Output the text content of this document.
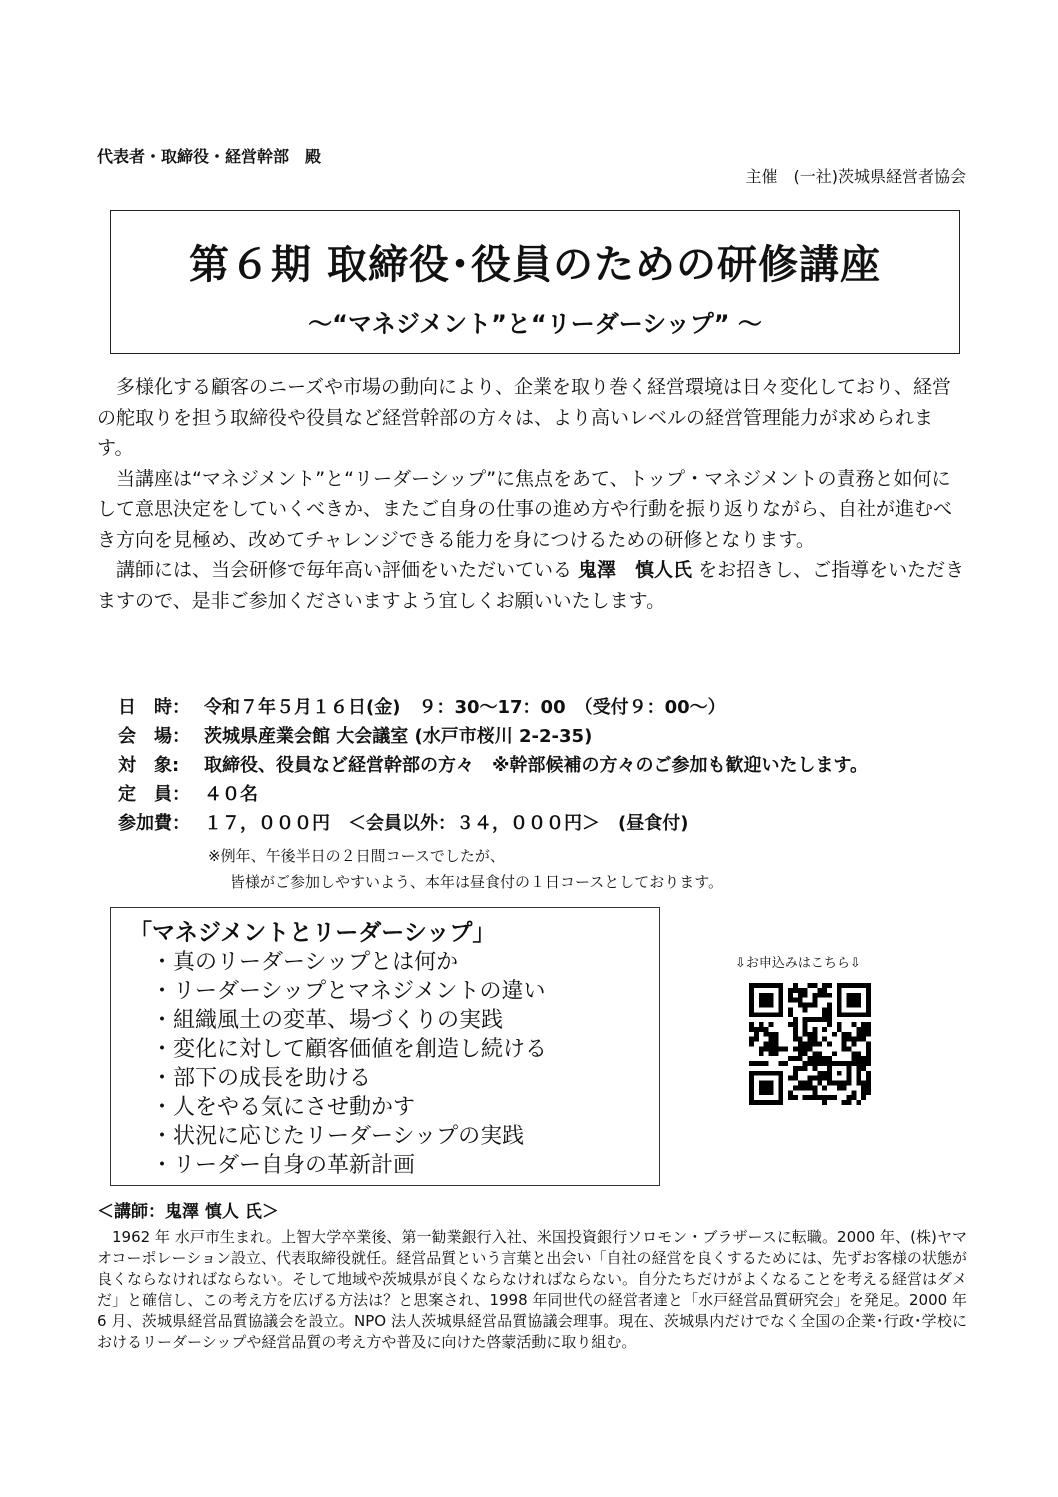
代表者・取締役・経営幹部　殿
主催　(一社)茨城県経営者協会
第６期 取締役･役員のための研修講座
～“マネジメント”と“リーダーシップ” ～

多様化する顧客のニーズや市場の動向により、企業を取り巻く経営環境は日々変化しており、経営の舵取りを担う取締役や役員など経営幹部の方々は、より高いレベルの経営管理能力が求められます。

当講座は“マネジメント”と“リーダーシップ”に焦点をあて、トップ・マネジメントの責務と如何にして意思決定をしていくべきか、またご自身の仕事の進め方や行動を振り返りながら、自社が進むべき方向を見極め、改めてチャレンジできる能力を身につけるための研修となります。

講師には、当会研修で毎年高い評価をいただいている 鬼澤　慎人氏 をお招きし、ご指導をいただきますので、是非ご参加くださいますよう宜しくお願いいたします。

日　時： 令和７年５月１６日(金)　９：30～17：00　（受付９：00～）
会　場： 茨城県産業会館 大会議室 (水戸市桜川 2-2-35)
対　象: 取締役、役員など経営幹部の方々　※幹部候補の方々のご参加も歓迎いたします。
定　員： ４０名
参加費： １７，０００円　＜会員以外：３４，０００円＞　(昼食付)
※例年、午後半日の２日間コースでしたが、
皆様がご参加しやすいよう、本年は昼食付の１日コースとしております。
「マネジメントとリーダーシップ」
・真のリーダーシップとは何か
・リーダーシップとマネジメントの違い
・組織風土の変革、場づくりの実践
・変化に対して顧客価値を創造し続ける
・部下の成長を助ける
・人をやる気にさせ動かす
・状況に応じたリーダーシップの実践
・リーダー自身の革新計画
⇩お申込みはこちら⇩
＜講師：鬼澤 慎人 氏＞

1962 年 水戸市生まれ。上智大学卒業後、第一勧業銀行入社、米国投資銀行ソロモン・ブラザースに転職。2000 年、(株)ヤマオコーポレーション設立、代表取締役就任。経営品質という言葉と出会い「自社の経営を良くするためには、先ずお客様の状態が良くならなければならない。そして地域や茨城県が良くならなければならない。自分たちだけがよくなることを考える経営はダメだ」と確信し、この考え方を広げる方法は？と思案され、1998 年同世代の経営者達と「水戸経営品質研究会」を発足。2000 年 6 月、茨城県経営品質協議会を設立。NPO 法人茨城県経営品質協議会理事。現在、茨城県内だけでなく全国の企業･行政･学校におけるリーダーシップや経営品質の考え方や普及に向けた啓蒙活動に取り組む。
